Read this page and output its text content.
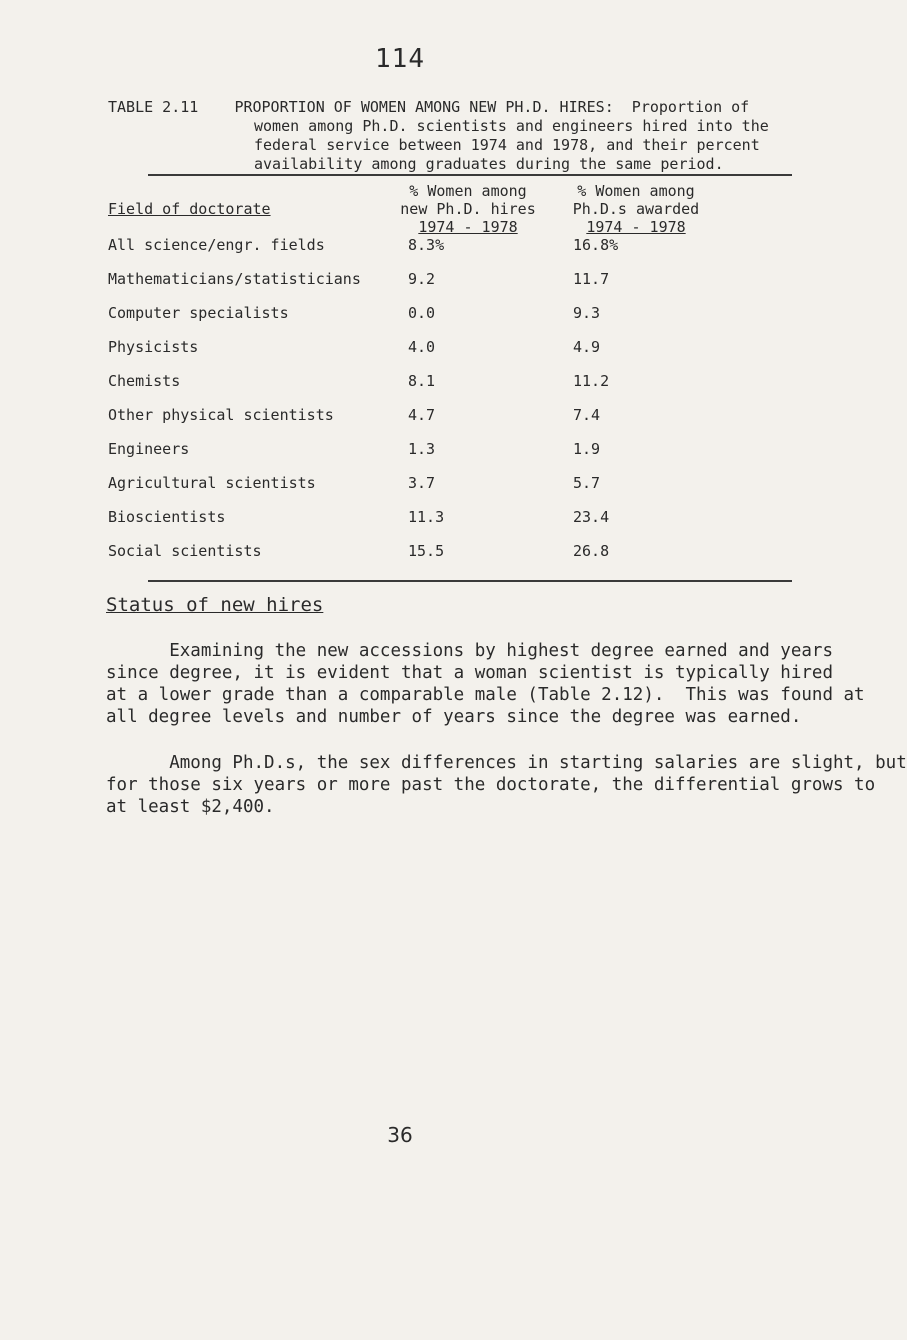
114
TABLE 2.11 PROPORTION OF WOMEN AMONG NEW PH.D. HIRES:  Proportion of
women among Ph.D. scientists and engineers hired into the
federal service between 1974 and 1978, and their percent
availability among graduates during the same period.
% Women among
new Ph.D. hires
1974 - 1978
% Women among
Ph.D.s awarded
1974 - 1978
Field of doctorate
All science/engr. fields	8.3%	16.8%
Mathematicians/statisticians	9.2	11.7
Computer specialists	0.0	9.3
Physicists	4.0	4.9
Chemists	8.1	11.2
Other physical scientists	4.7	7.4
Engineers	1.3	1.9
Agricultural scientists	3.7	5.7
Bioscientists	11.3	23.4
Social scientists	15.5	26.8
Status of new hires
Examining the new accessions by highest degree earned and years
since degree, it is evident that a woman scientist is typically hired
at a lower grade than a comparable male (Table 2.12).  This was found at
all degree levels and number of years since the degree was earned.
Among Ph.D.s, the sex differences in starting salaries are slight, but
for those six years or more past the doctorate, the differential grows to
at least $2,400.
36
